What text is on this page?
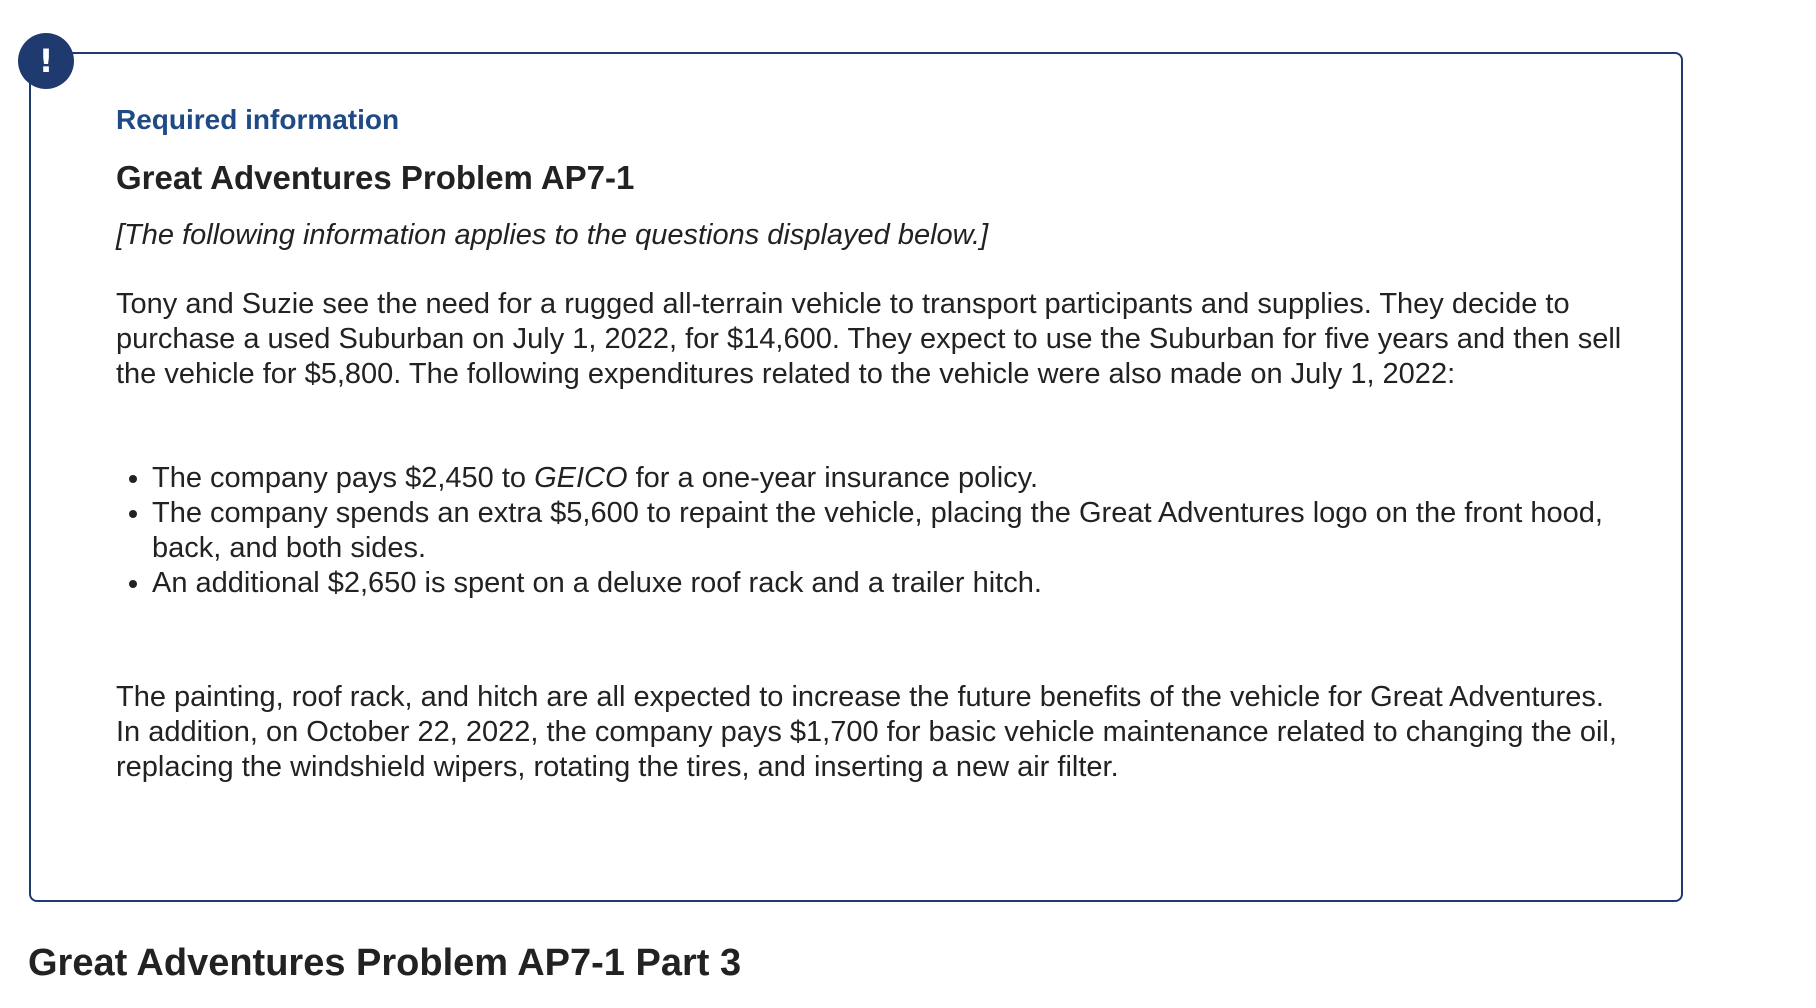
!

Required information

Great Adventures Problem AP7-1

[The following information applies to the questions displayed below.]

Tony and Suzie see the need for a rugged all-terrain vehicle to transport participants and supplies. They decide to purchase a used Suburban on July 1, 2022, for $14,600. They expect to use the Suburban for five years and then sell the vehicle for $5,800. The following expenditures related to the vehicle were also made on July 1, 2022:

• The company pays $2,450 to GEICO for a one-year insurance policy.
• The company spends an extra $5,600 to repaint the vehicle, placing the Great Adventures logo on the front hood, back, and both sides.
• An additional $2,650 is spent on a deluxe roof rack and a trailer hitch.

The painting, roof rack, and hitch are all expected to increase the future benefits of the vehicle for Great Adventures. In addition, on October 22, 2022, the company pays $1,700 for basic vehicle maintenance related to changing the oil, replacing the windshield wipers, rotating the tires, and inserting a new air filter.

Great Adventures Problem AP7-1 Part 3
